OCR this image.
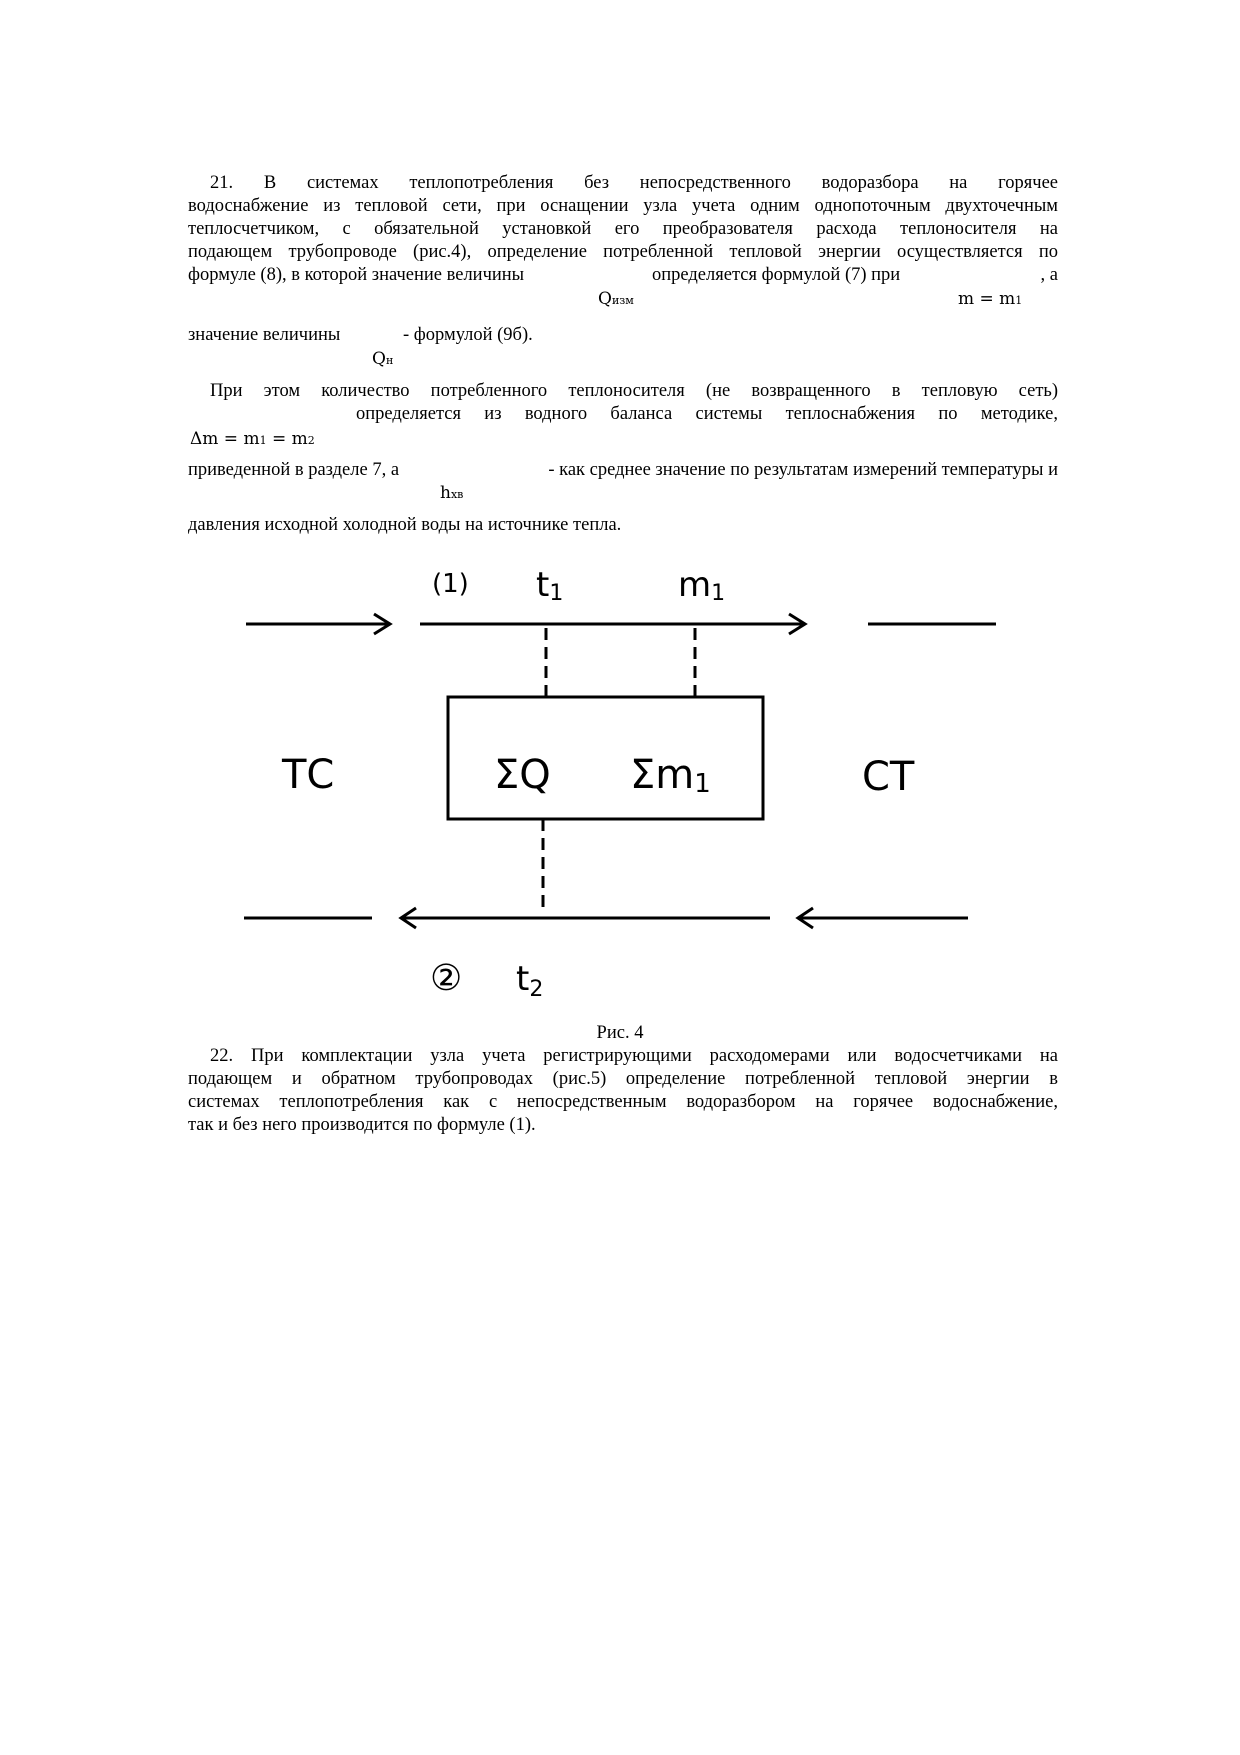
21. В системах теплопотребления без непосредственного водоразбора на горячее
водоснабжение из тепловой сети, при оснащении узла учета одним однопоточным двухточечным
теплосчетчиком, с обязательной установкой его преобразователя расхода теплоносителя на
подающем трубопроводе (рис.4), определение потребленной тепловой энергии осуществляется по
формуле (8), в которой значение величины	определяется формулой (7) при	, а
Qизм	m = m1
значение величины	- формулой (9б).
Qн
При этом количество потребленного теплоносителя (не возвращенного в тепловую сеть)
определяется из водного баланса системы теплоснабжения по методике,
Δm = m1 = m2
приведенной в разделе 7, а	- как среднее значение по результатам измерений температуры и
hхв
давления исходной холодной воды на источнике тепла.
(1) t1	m1
ТС	СТ
ΣQ Σm1
② t2
Рис. 4
22. При комплектации узла учета регистрирующими расходомерами или водосчетчиками на
подающем и обратном трубопроводах (рис.5) определение потребленной тепловой энергии в
системах теплопотребления как с непосредственным водоразбором на горячее водоснабжение,
так и без него производится по формуле (1).
